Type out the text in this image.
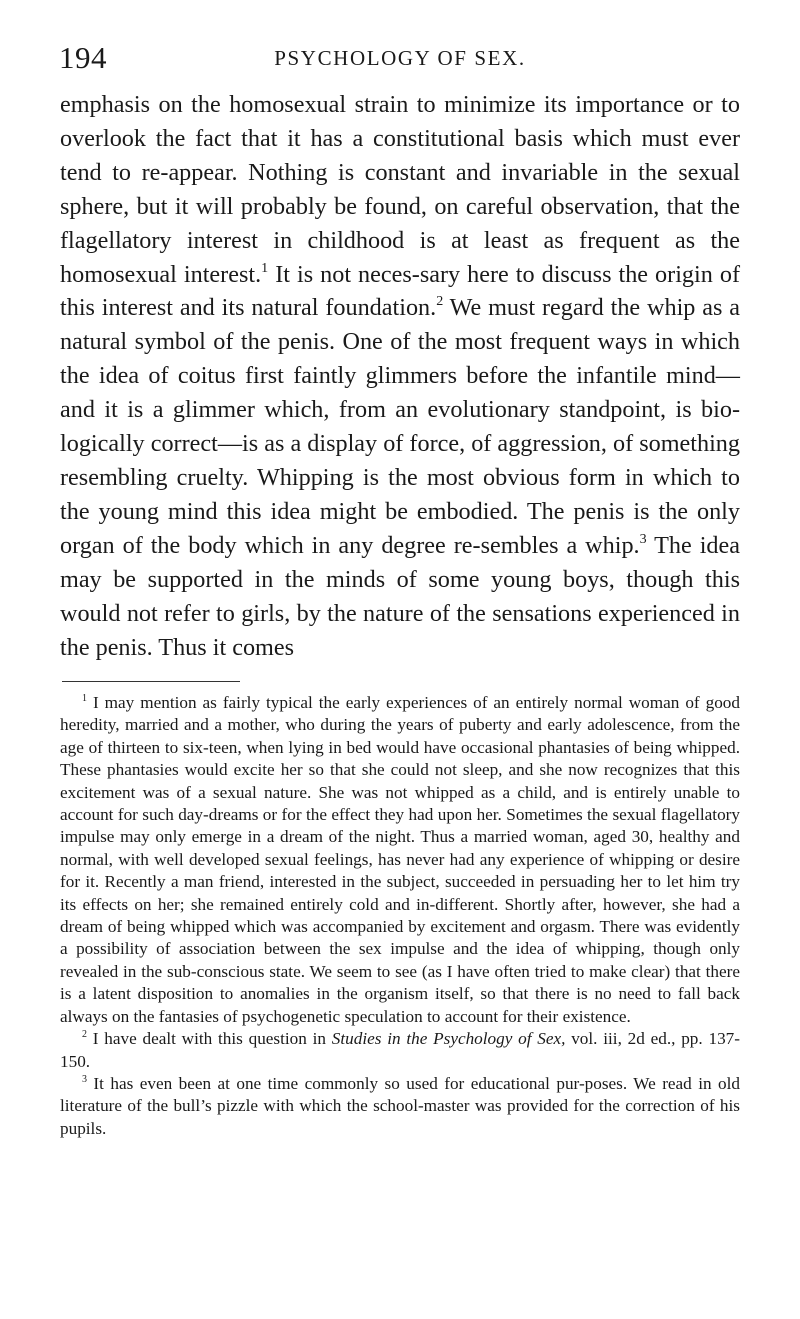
194	PSYCHOLOGY OF SEX.

emphasis on the homosexual strain to minimize its importance or to overlook the fact that it has a constitutional basis which must ever tend to re-appear. Nothing is constant and invariable in the sexual sphere, but it will probably be found, on careful observation, that the flagellatory interest in childhood is at least as frequent as the homosexual interest.$^1$ It is not neces-sary here to discuss the origin of this interest and its natural foundation.$^2$ We must regard the whip as a natural symbol of the penis. One of the most frequent ways in which the idea of coitus first faintly glimmers before the infantile mind—and it is a glimmer which, from an evolutionary standpoint, is bio-logically correct—is as a display of force, of aggression, of something resembling cruelty. Whipping is the most obvious form in which to the young mind this idea might be embodied. The penis is the only organ of the body which in any degree re-sembles a whip.$^3$ The idea may be supported in the minds of some young boys, though this would not refer to girls, by the nature of the sensations experienced in the penis. Thus it comes

$^1$ I may mention as fairly typical the early experiences of an entirely normal woman of good heredity, married and a mother, who during the years of puberty and early adolescence, from the age of thirteen to six-teen, when lying in bed would have occasional phantasies of being whipped. These phantasies would excite her so that she could not sleep, and she now recognizes that this excitement was of a sexual nature. She was not whipped as a child, and is entirely unable to account for such day-dreams or for the effect they had upon her. Sometimes the sexual flagellatory impulse may only emerge in a dream of the night. Thus a married woman, aged 30, healthy and normal, with well developed sexual feelings, has never had any experience of whipping or desire for it. Recently a man friend, interested in the subject, succeeded in persuading her to let him try its effects on her; she remained entirely cold and in-different. Shortly after, however, she had a dream of being whipped which was accompanied by excitement and orgasm. There was evidently a possibility of association between the sex impulse and the idea of whipping, though only revealed in the sub-conscious state. We seem to see (as I have often tried to make clear) that there is a latent disposition to anomalies in the organism itself, so that there is no need to fall back always on the fantasies of psychogenetic speculation to account for their existence.

$^2$ I have dealt with this question in Studies in the Psychology of Sex, vol. iii, 2d ed., pp. 137-150.

$^3$ It has even been at one time commonly so used for educational pur-poses. We read in old literature of the bull’s pizzle with which the school-master was provided for the correction of his pupils.
